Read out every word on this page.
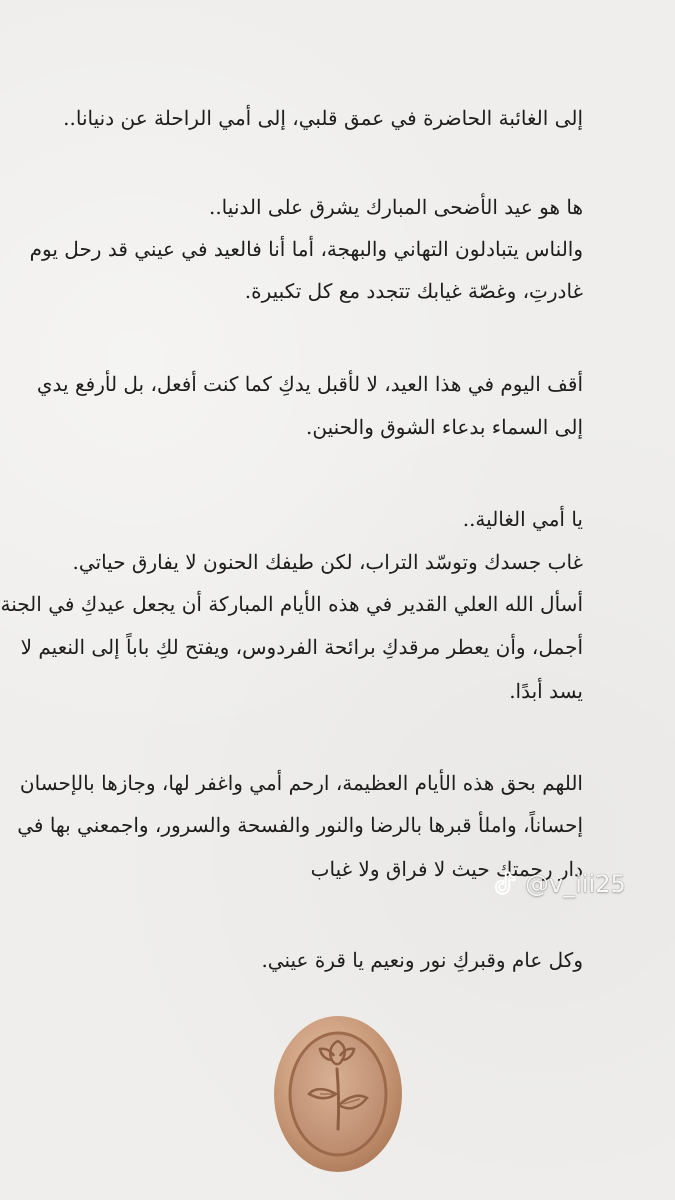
إلى الغائبة الحاضرة في عمق قلبي، إلى أمي الراحلة عن دنيانا..
ها هو عيد الأضحى المبارك يشرق على الدنيا..
والناس يتبادلون التهاني والبهجة، أما أنا فالعيد في عيني قد رحل يوم
غادرتِ، وغصّة غيابك تتجدد مع كل تكبيرة.
أقف اليوم في هذا العيد، لا لأقبل يدكِ كما كنت أفعل، بل لأرفع يدي
إلى السماء بدعاء الشوق والحنين.
يا أمي الغالية..
غاب جسدك وتوسّد التراب، لكن طيفك الحنون لا يفارق حياتي.
أسأل الله العلي القدير في هذه الأيام المباركة أن يجعل عيدكِ في الجنة
أجمل، وأن يعطر مرقدكِ برائحة الفردوس، ويفتح لكِ باباً إلى النعيم لا
يسد أبدًا.
اللهم بحق هذه الأيام العظيمة، ارحم أمي واغفر لها، وجازها بالإحسان
إحساناً، واملأ قبرها بالرضا والنور والفسحة والسرور، واجمعني بها في
دار رحمتك حيث لا فراق ولا غياب
وكل عام وقبركِ نور ونعيم يا قرة عيني.
@v_iii25
